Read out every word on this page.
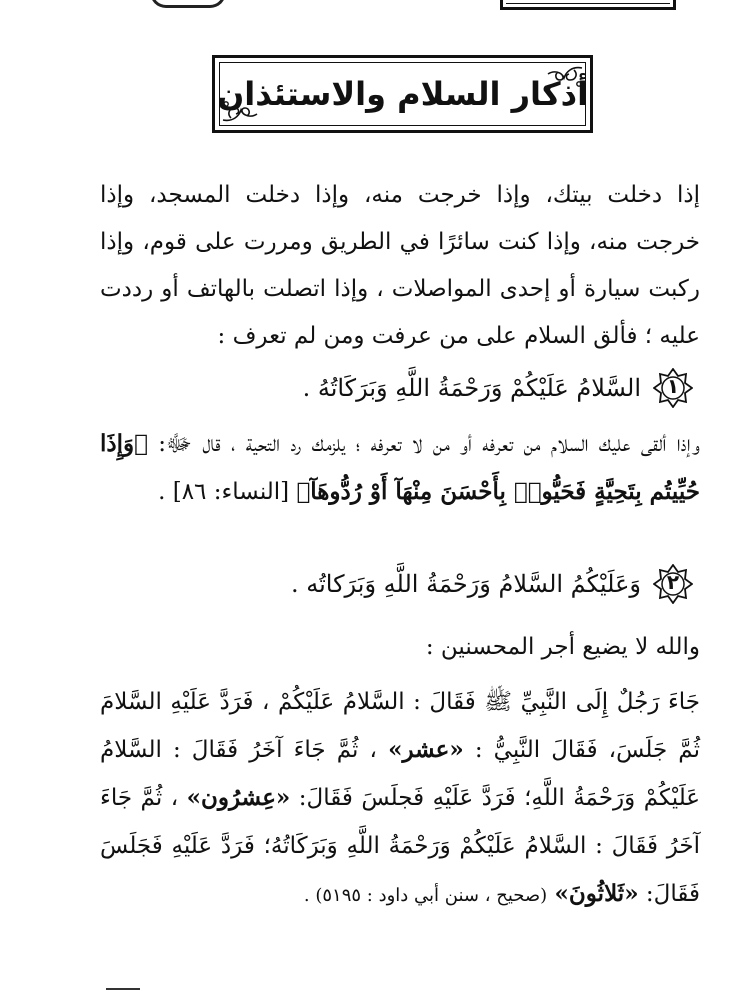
أذكار السلام والاستئذان

إذا دخلت بيتك، وإذا خرجت منه، وإذا دخلت المسجد، وإذا خرجت منه، وإذا كنت سائرًا في الطريق ومررت على قوم، وإذا ركبت سيارة أو إحدى المواصلات ، وإذا اتصلت بالهاتف أو رددت عليه ؛ فألق السلام على من عرفت ومن لم تعرف :

١
السَّلامُ عَلَيْكُمْ وَرَحْمَةُ اللَّهِ وَبَرَكَاتُهُ .

وإذا ألقى عليك السلام من تعرفه أو من لا تعرفه ؛ يلزمك رد التحية ، قال ﷻ: ﴿وَإِذَا حُيِّيتُم بِتَحِيَّةٍ فَحَيُّوا۟ بِأَحْسَنَ مِنْهَآ أَوْ رُدُّوهَآ﴾ [النساء: ٨٦] .

٢
وَعَلَيْكُمُ السَّلامُ وَرَحْمَةُ اللَّهِ وَبَرَكاتُه .

والله لا يضيع أجر المحسنين :

جَاءَ رَجُلٌ إِلَى النَّبِيِّ ﷺ فَقَالَ : السَّلامُ عَلَيْكُمْ ، فَرَدَّ عَلَيْهِ السَّلامَ ثُمَّ جَلَسَ، فَقَالَ النَّبِيُّ : «عشر» ، ثُمَّ جَاءَ آخَرُ فَقَالَ : السَّلامُ عَلَيْكُمْ وَرَحْمَةُ اللَّهِ؛ فَرَدَّ عَلَيْهِ فَجلَسَ فَقَالَ: «عِشرُون» ، ثُمَّ جَاءَ آخَرُ فَقَالَ : السَّلامُ عَلَيْكُمْ وَرَحْمَةُ اللَّهِ وَبَرَكَاتُهُ؛ فَرَدَّ عَلَيْهِ فَجَلَسَ فَقَالَ: «ثَلاثُونَ» (صحيح ، سنن أبي داود : ٥١٩٥) .
